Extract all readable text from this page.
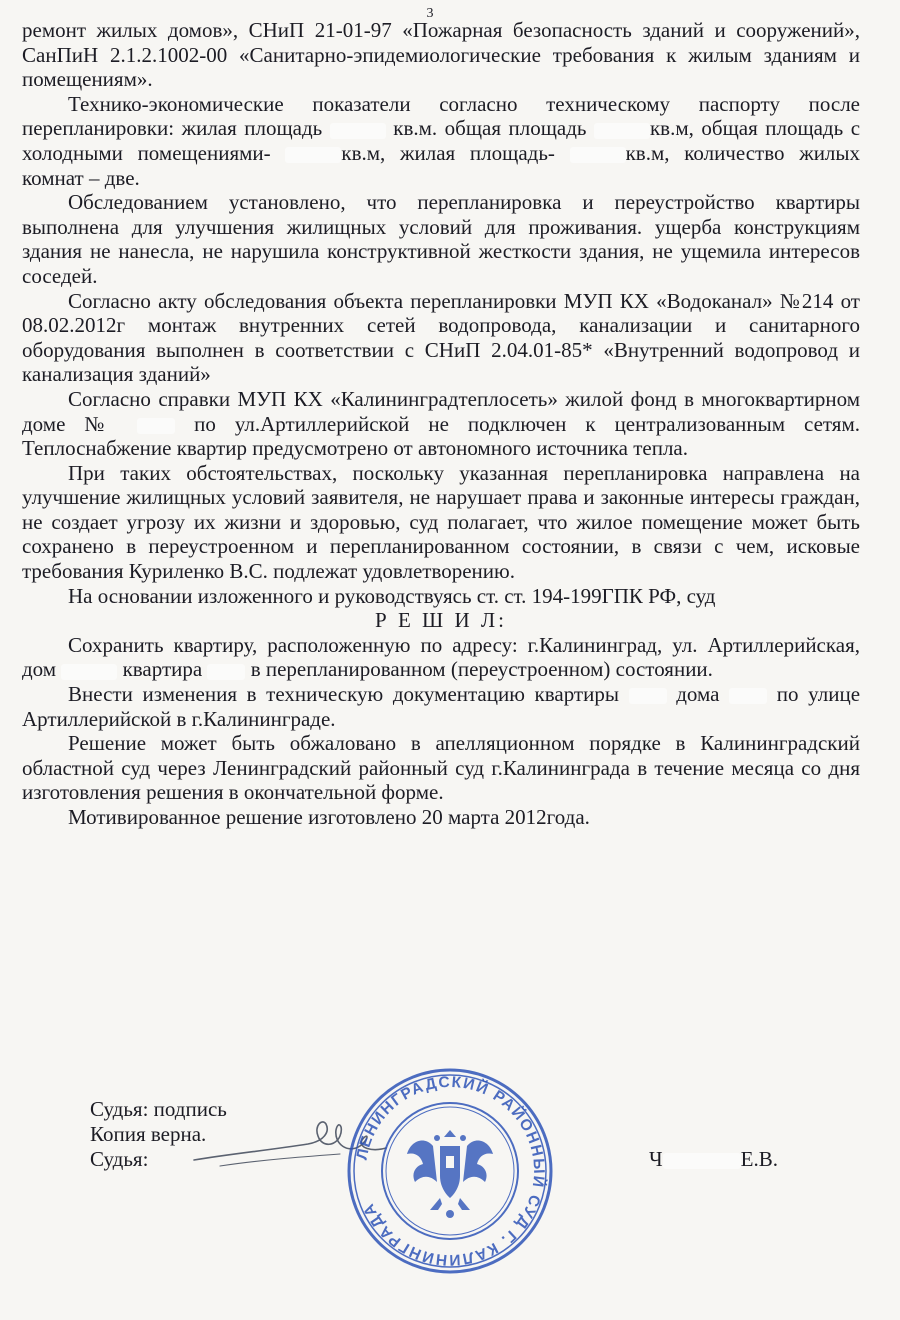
3

ремонт жилых домов», СНиП 21-01-97 «Пожарная безопасность зданий и сооружений», СанПиН 2.1.2.1002-00 «Санитарно-эпидемиологические требования к жилым зданиям и помещениям».

Технико-экономические показатели согласно техническому паспорту после перепланировки: жилая площадь	кв.м. общая площадь	кв.м, общая площадь с холодными помещениями-	кв.м, жилая площадь-	кв.м, количество жилых комнат – две.

Обследованием установлено, что перепланировка и переустройство квартиры выполнена для улучшения жилищных условий для проживания. ущерба конструкциям здания не нанесла, не нарушила конструктивной жесткости здания, не ущемила интересов соседей.

Согласно акту обследования объекта перепланировки МУП КХ «Водоканал» №214 от 08.02.2012г монтаж внутренних сетей водопровода, канализации и санитарного оборудования выполнен в соответствии с СНиП 2.04.01-85* «Внутренний водопровод и канализация зданий»

Согласно справки МУП КХ «Калининградтеплосеть» жилой фонд в многоквартирном доме №	по ул.Артиллерийской не подключен к централизованным сетям. Теплоснабжение квартир предусмотрено от автономного источника тепла.

При таких обстоятельствах, поскольку указанная перепланировка направлена на улучшение жилищных условий заявителя, не нарушает права и законные интересы граждан, не создает угрозу их жизни и здоровью, суд полагает, что жилое помещение может быть сохранено в переустроенном и перепланированном состоянии, в связи с чем, исковые требования Куриленко В.С. подлежат удовлетворению.

На основании изложенного и руководствуясь ст. ст. 194-199ГПК РФ, суд

Р Е Ш И Л:

Сохранить квартиру, расположенную по адресу: г.Калининград, ул. Артиллерийская, дом	квартира в перепланированном (переустроенном) состоянии.

Внести изменения в техническую документацию квартиры	дома	по улице Артиллерийской в г.Калининграде.

Решение может быть обжаловано в апелляционном порядке в Калининградский областной суд через Ленинградский районный суд г.Калининграда в течение месяца со дня изготовления решения в окончательной форме.

Мотивированное решение изготовлено 20 марта 2012года.

Судья: подпись
Копия верна.
Судья:	Ч	Е.В.
ЛЕНИНГРАДСКИЙ РАЙОННЫЙ СУД Г. КАЛИНИНГРАДА
